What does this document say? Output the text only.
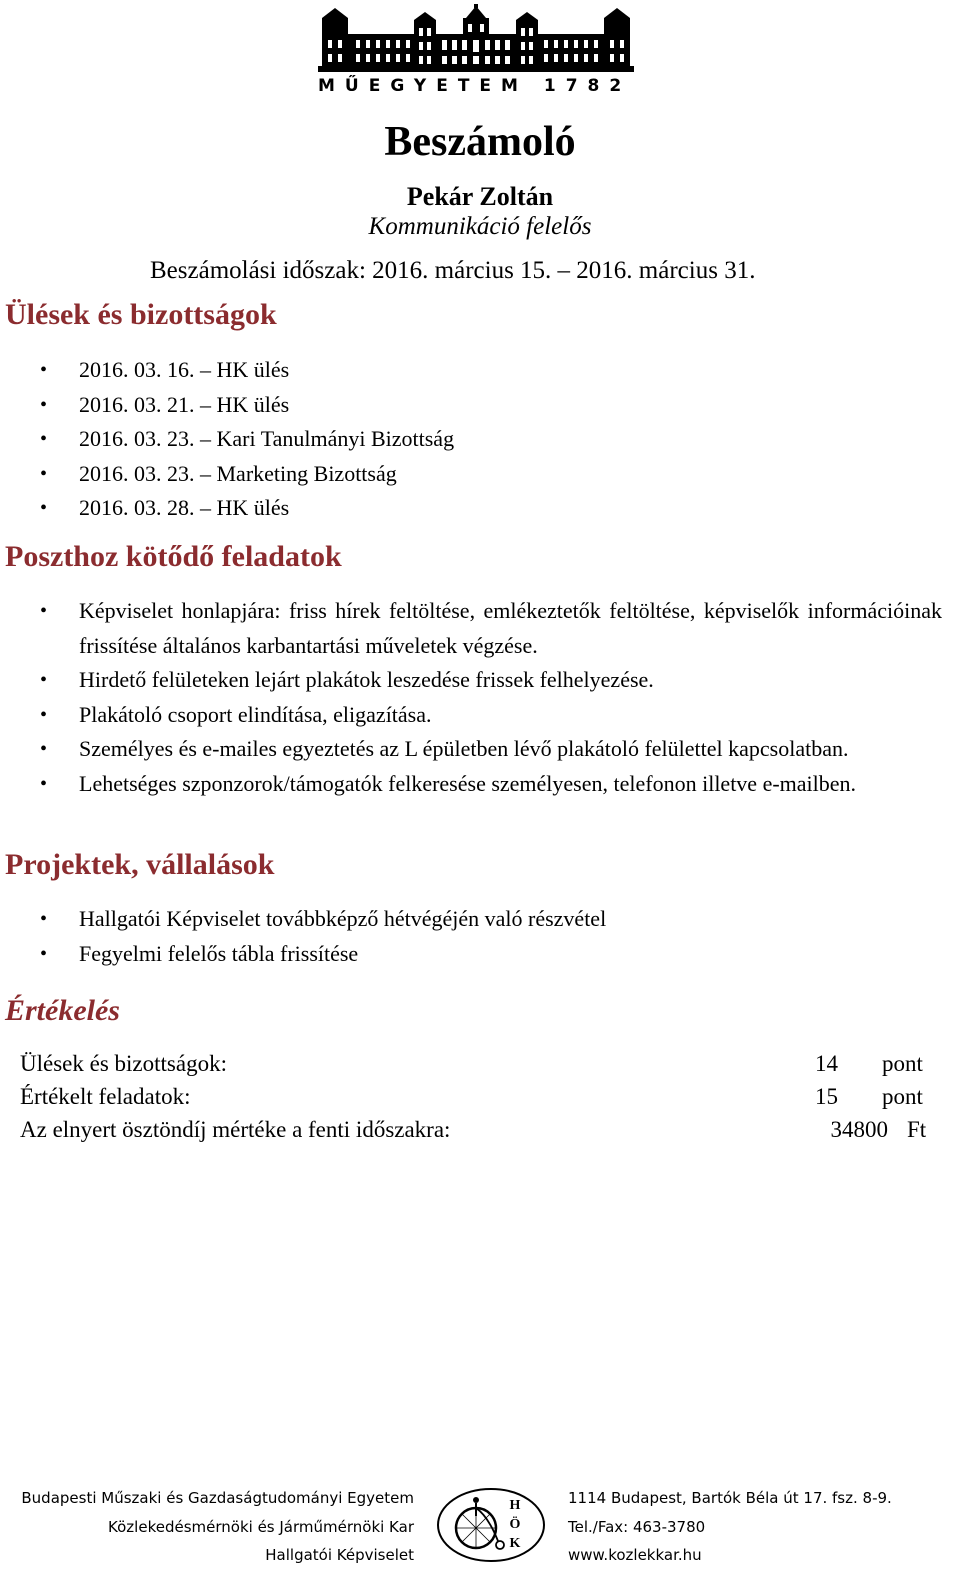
MŰEGYETEM 1782
Beszámoló
Pekár Zoltán
Kommunikáció felelős
Beszámolási időszak: 2016. március 15. – 2016. március 31.
Ülések és bizottságok
• 2016. 03. 16. – HK ülés
• 2016. 03. 21. – HK ülés
• 2016. 03. 23. – Kari Tanulmányi Bizottság
• 2016. 03. 23. – Marketing Bizottság
• 2016. 03. 28. – HK ülés
Poszthoz kötődő feladatok
• Képviselet honlapjára: friss hírek feltöltése, emlékeztetők feltöltése, képviselők információinak frissítése általános karbantartási műveletek végzése.
• Hirdető felületeken lejárt plakátok leszedése frissek felhelyezése.
• Plakátoló csoport elindítása, eligazítása.
• Személyes és e-mailes egyeztetés az L épületben lévő plakátoló felülettel kapcsolatban.
• Lehetséges szponzorok/támogatók felkeresése személyesen, telefonon illetve e-mailben.
Projektek, vállalások
• Hallgatói Képviselet továbbképző hétvégéjén való részvétel
• Fegyelmi felelős tábla frissítése
Értékelés
Ülések és bizottságok:	14 pont
Értékelt feladatok:	15 pont
Az elnyert ösztöndíj mértéke a fenti időszakra:	34800 Ft
Budapesti Műszaki és Gazdaságtudományi Egyetem
Közlekedésmérnöki és Járműmérnöki Kar
Hallgatói Képviselet
H
Ö
K
1114 Budapest, Bartók Béla út 17. fsz. 8-9.
Tel./Fax: 463-3780
www.kozlekkar.hu
